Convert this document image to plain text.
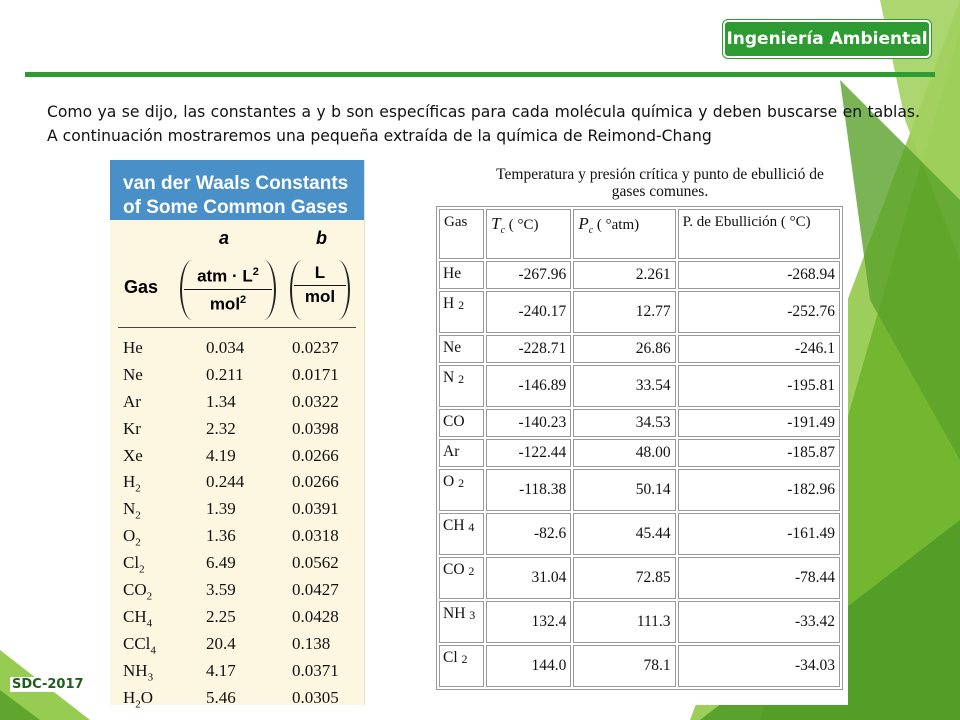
Ingeniería Ambiental

Como ya se dijo, las constantes a y b son específicas para cada molécula química y deben buscarse en tablas. A continuación mostraremos una pequeña extraída de la química de Reimond-Chang

van der Waals Constants
of Some Common Gases
a	b
Gas
atm · $L^2$
mol$^2$
L
mol
He	0.034	0.0237
Ne	0.211	0.0171
Ar	1.34	0.0322
Kr	2.32	0.0398
Xe	4.19	0.0266
$H_2$	0.244	0.0266
$N_2$	1.39	0.0391
$O_2$	1.36	0.0318
$Cl_2$	6.49	0.0562
$CO_2$	3.59	0.0427
$CH_4$	2.25	0.0428
CCl$_4$	20.4	0.138
$NH_3$	4.17	0.0371
$H_2O$	5.46	0.0305
Temperatura y presión crítica y punto de ebullició de
gases comunes.
Gas	$T_c$ ( °C)	$P_c$ ( °atm)	P. de Ebullición ( °C)
He	-267.96	2.261	-268.94
H $_2$	-240.17	12.77	-252.76
Ne	-228.71	26.86	-246.1
N $_2$	-146.89	33.54	-195.81
CO	-140.23	34.53	-191.49
Ar	-122.44	48.00	-185.87
O $_2$	-118.38	50.14	-182.96
CH $_4$	-82.6	45.44	-161.49
CO $_2$	31.04	72.85	-78.44
NH $_3$	132.4	111.3	-33.42
Cl $_2$	144.0	78.1	-34.03
SDC-2017
